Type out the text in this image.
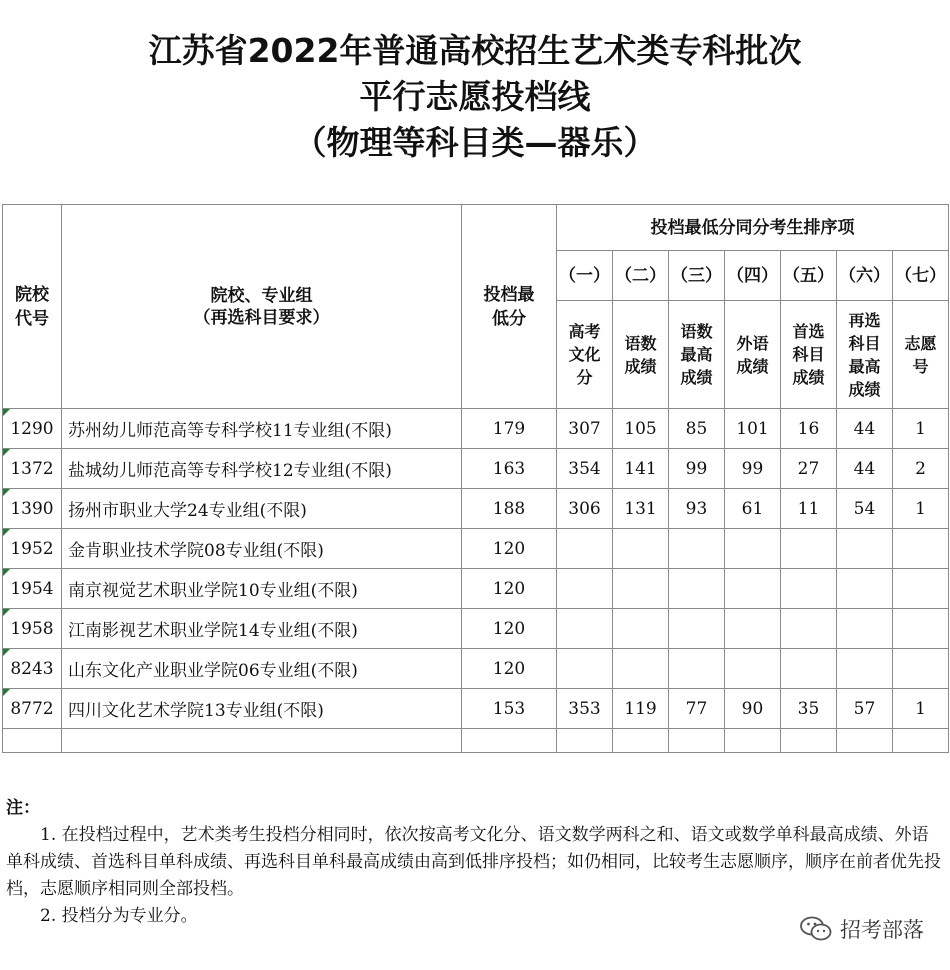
江苏省2022年普通高校招生艺术类专科批次
平行志愿投档线
（物理等科目类—器乐）
院校代号	院校、专业组
（再选科目要求）	投档最低分	投档最低分同分考生排序项						
			（一）	（二）	（三）	（四）	（五）	（六）	（七）

			高考文化分	语数成绩	语数最高成绩	外语成绩	首选科目成绩	再选科目最高成绩	志愿号

1290	苏州幼儿师范高等专科学校11专业组(不限)	179	307	105	85	101	16	44	1

1372	盐城幼儿师范高等专科学校12专业组(不限)	163	354	141	99	99	27	44	2

1390	扬州市职业大学24专业组(不限)	188	306	131	93	61	11	54	1

1952	金肯职业技术学院08专业组(不限)	120							

1954	南京视觉艺术职业学院10专业组(不限)	120							

1958	江南影视艺术职业学院14专业组(不限)	120							

8243	山东文化产业职业学院06专业组(不限)	120							

8772	四川文化艺术学院13专业组(不限)	153	353	119	77	90	35	57	1

注：

1. 在投档过程中，艺术类考生投档分相同时，依次按高考文化分、语文数学两科之和、语文或数学单科最高成绩、外语单科成绩、首选科目单科成绩、再选科目单科最高成绩由高到低排序投档；如仍相同，比较考生志愿顺序，顺序在前者优先投档，志愿顺序相同则全部投档。

2. 投档分为专业分。

招考部落
